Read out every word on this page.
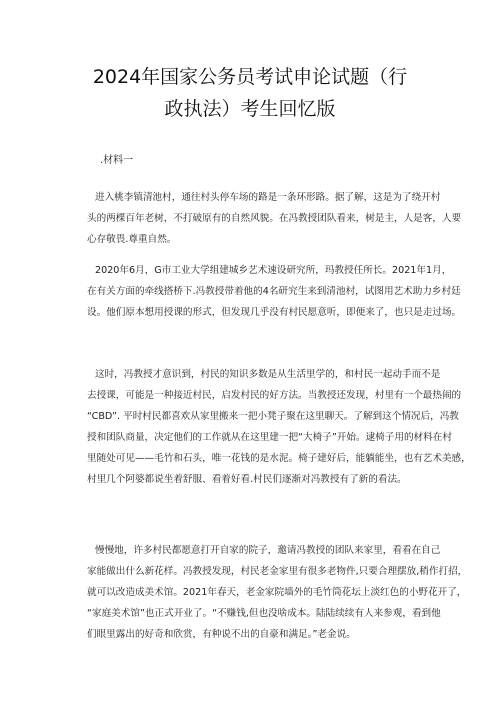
2024年国家公务员考试申论试题（行
政执法）考生回忆版
.材料一
进入桃李镇清池村，通往村头停车场的路是一条环形路。据了解，这是为了绕开村
头的两棵百年老树，不打破原有的自然风貌。在冯教授团队看来，树是主，人是客，人要
心存敬畏.尊重自然。
2020年6月，G市工业大学组建城乡艺术速设研究所，玛教授任所长。2021年1月，
在有关方面的牵线搭桥下.冯教授带着他的4名研究生来到清池村，试图用艺术助力乡村廷
设。他们原本想用授课的形式，但发现几乎没有村民愿意听，即便来了，也只是走过场。
这时，冯教授才意识到，村民的知识多数是从生活里学的，和村民一起动手而不是
去授课，可能是一种接近村民，启发村民的好方法。当教授还发现，村里有一个最热闹的
“CBD”. 平时村民都喜欢从家里搬来一把小凳子聚在这里聊天。了解到这个情况后，冯教
授和团队商量，决定他们的工作就从在这里建一把“大椅子”开始。逮椅子用的材料在村
里随处可见——毛竹和石头，唯一花钱的是水泥。椅子建好后，能躺能坐，也有艺术美感，
村里几个阿婆都说坐着舒服、看着好看.村民们逐渐对冯教授有了新的看法。
慢慢地，许多村民都愿意打开自家的院子，邀请冯教授的团队来家里，看看在自己
家能做出什么新花样。冯教授发现，村民老金家里有很多老物件,只要合理摆放,稍作打招，
就可以改造成美术馆。2021年春天，老金家院墙外的毛竹筒花坛上淡红色的小野花开了，
“家庭美术馆”也正式开业了。“不赚钱,但也没啥成本。陆陆续续有人来参观，看到他
们眼里露出的好奇和欣赏，有种说不出的自豪和满足。”老金说。
